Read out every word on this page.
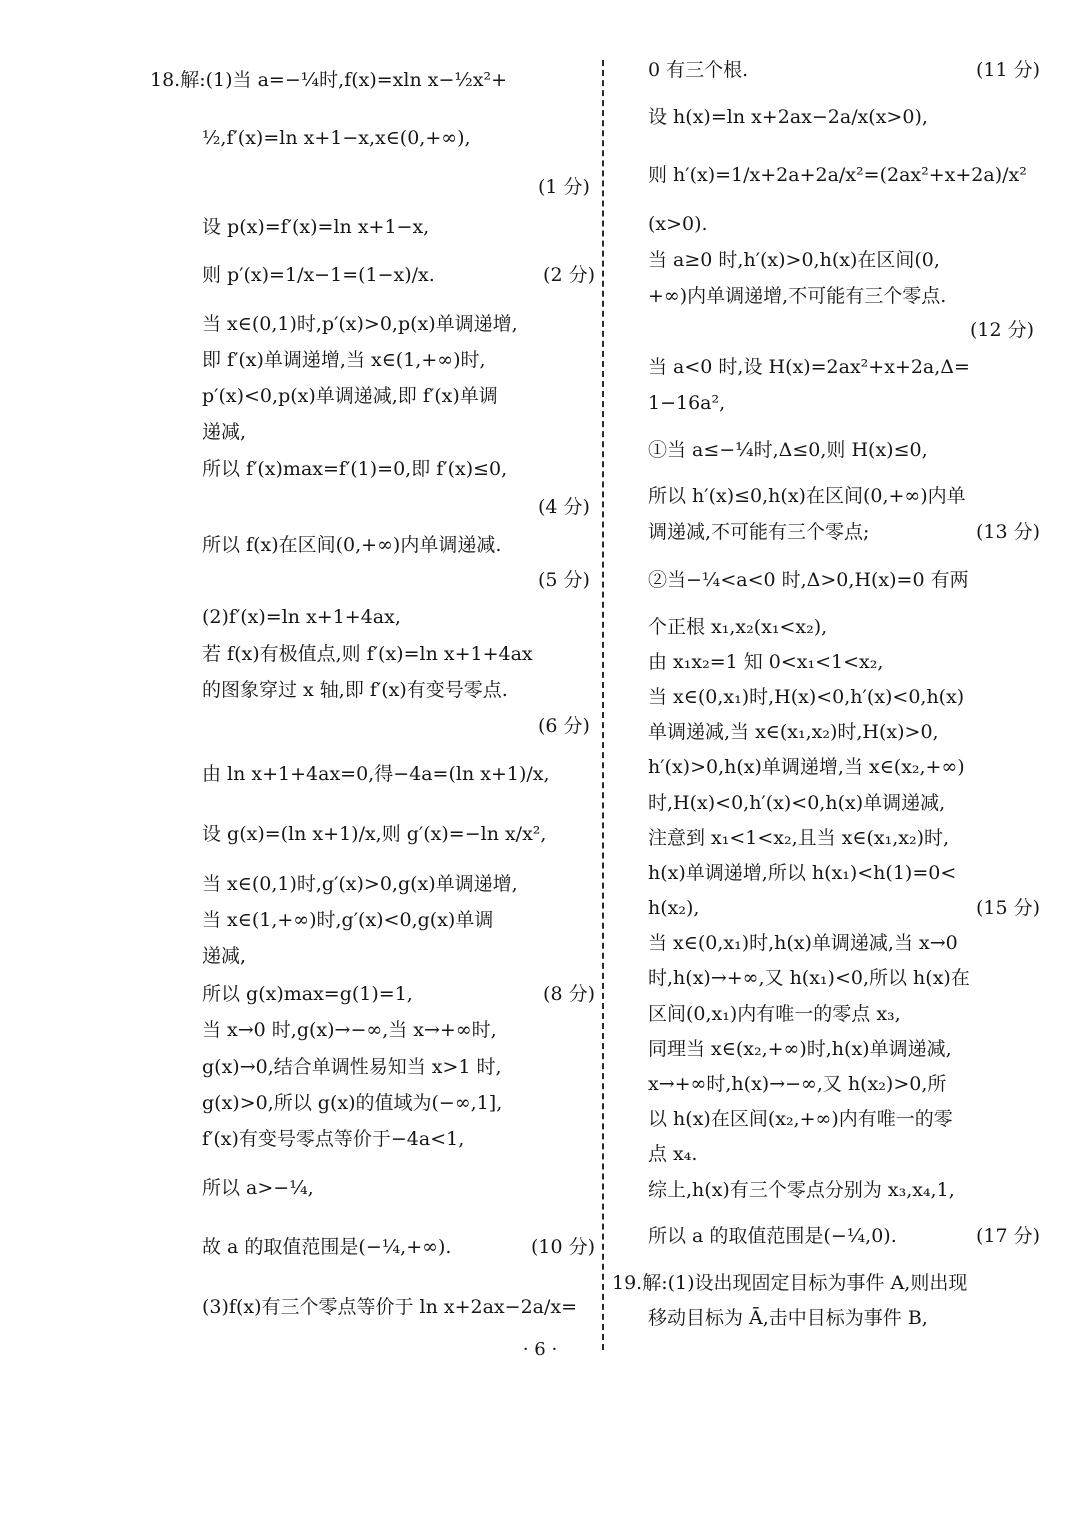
18.解:(1)当 a=−¼时,f(x)=xln x−½x²+
½,f′(x)=ln x+1−x,x∈(0,+∞),
(1 分)
设 p(x)=f′(x)=ln x+1−x,
则 p′(x)=1/x−1=(1−x)/x.	(2 分)
当 x∈(0,1)时,p′(x)>0,p(x)单调递增,
即 f′(x)单调递增,当 x∈(1,+∞)时,
p′(x)<0,p(x)单调递减,即 f′(x)单调
递减,
所以 f′(x)max=f′(1)=0,即 f′(x)≤0,
(4 分)
所以 f(x)在区间(0,+∞)内单调递减.
(5 分)
(2)f′(x)=ln x+1+4ax,
若 f(x)有极值点,则 f′(x)=ln x+1+4ax
的图象穿过 x 轴,即 f′(x)有变号零点.
(6 分)
由 ln x+1+4ax=0,得−4a=(ln x+1)/x,
设 g(x)=(ln x+1)/x,则 g′(x)=−ln x/x²,
当 x∈(0,1)时,g′(x)>0,g(x)单调递增,
当 x∈(1,+∞)时,g′(x)<0,g(x)单调
递减,
所以 g(x)max=g(1)=1,	(8 分)
当 x→0 时,g(x)→−∞,当 x→+∞时,
g(x)→0,结合单调性易知当 x>1 时,
g(x)>0,所以 g(x)的值域为(−∞,1],
f′(x)有变号零点等价于−4a<1,
所以 a>−¼,
故 a 的取值范围是(−¼,+∞).	(10 分)
(3)f(x)有三个零点等价于 ln x+2ax−2a/x=
0 有三个根.	(11 分)
设 h(x)=ln x+2ax−2a/x(x>0),
则 h′(x)=1/x+2a+2a/x²=(2ax²+x+2a)/x²
(x>0).
当 a≥0 时,h′(x)>0,h(x)在区间(0,
+∞)内单调递增,不可能有三个零点.
(12 分)
当 a<0 时,设 H(x)=2ax²+x+2a,Δ=
1−16a²,
①当 a≤−¼时,Δ≤0,则 H(x)≤0,
所以 h′(x)≤0,h(x)在区间(0,+∞)内单
调递减,不可能有三个零点;	(13 分)
②当−¼<a<0 时,Δ>0,H(x)=0 有两
个正根 x₁,x₂(x₁<x₂),
由 x₁x₂=1 知 0<x₁<1<x₂,
当 x∈(0,x₁)时,H(x)<0,h′(x)<0,h(x)
单调递减,当 x∈(x₁,x₂)时,H(x)>0,
h′(x)>0,h(x)单调递增,当 x∈(x₂,+∞)
时,H(x)<0,h′(x)<0,h(x)单调递减,
注意到 x₁<1<x₂,且当 x∈(x₁,x₂)时,
h(x)单调递增,所以 h(x₁)<h(1)=0<
h(x₂),	(15 分)
当 x∈(0,x₁)时,h(x)单调递减,当 x→0
时,h(x)→+∞,又 h(x₁)<0,所以 h(x)在
区间(0,x₁)内有唯一的零点 x₃,
同理当 x∈(x₂,+∞)时,h(x)单调递减,
x→+∞时,h(x)→−∞,又 h(x₂)>0,所
以 h(x)在区间(x₂,+∞)内有唯一的零
点 x₄.
综上,h(x)有三个零点分别为 x₃,x₄,1,
所以 a 的取值范围是(−¼,0).	(17 分)
19.解:(1)设出现固定目标为事件 A,则出现
移动目标为 Ā,击中目标为事件 B,
· 6 ·
